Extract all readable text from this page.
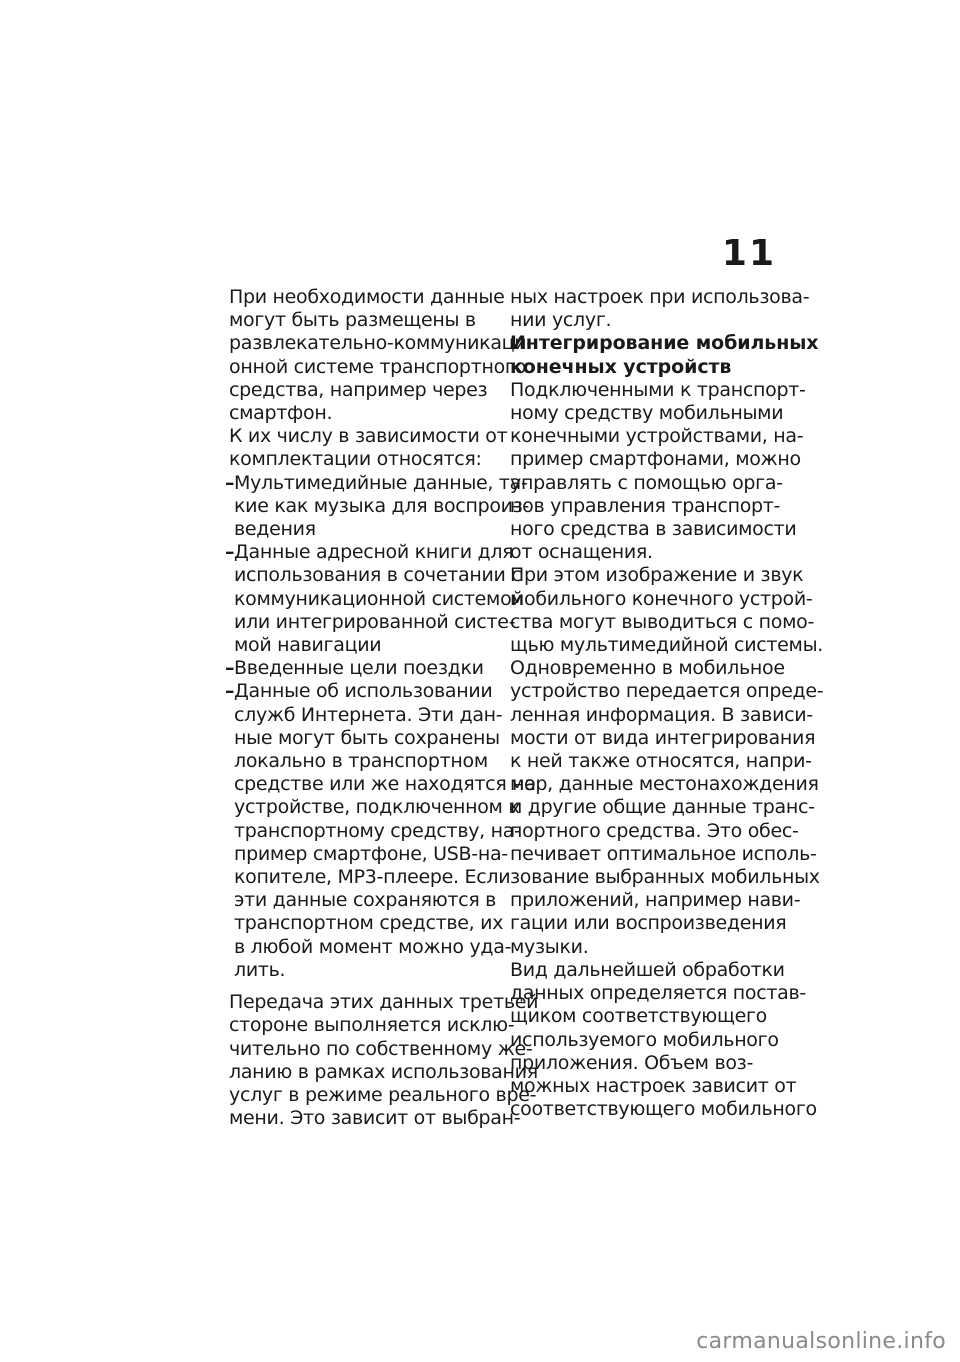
11
При необходимости данные
могут быть размещены в
развлекательно-коммуникаци-
онной системе транспортного
средства, например через
смартфон.
К их числу в зависимости от
комплектации относятся:
– Мультимедийные данные, та-
кие как музыка для воспроиз-
ведения
– Данные адресной книги для
использования в сочетании с
коммуникационной системой
или интегрированной систе-
мой навигации
– Введенные цели поездки
– Данные об использовании
служб Интернета. Эти дан-
ные могут быть сохранены
локально в транспортном
средстве или же находятся на
устройстве, подключенном к
транспортному средству, на-
пример смартфоне, USB-на-
копителе, MP3-плеере. Если
эти данные сохраняются в
транспортном средстве, их
в любой момент можно уда-
лить.
Передача этих данных третьей
стороне выполняется исклю-
чительно по собственному же-
ланию в рамках использования
услуг в режиме реального вре-
мени. Это зависит от выбран-
ных настроек при использова-
нии услуг.
Интегрирование мобильных
конечных устройств
Подключенными к транспорт-
ному средству мобильными
конечными устройствами, на-
пример смартфонами, можно
управлять с помощью орга-
нов управления транспорт-
ного средства в зависимости
от оснащения.
При этом изображение и звук
мобильного конечного устрой-
ства могут выводиться с помо-
щью мультимедийной системы.
Одновременно в мобильное
устройство передается опреде-
ленная информация. В зависи-
мости от вида интегрирования
к ней также относятся, напри-
мер, данные местонахождения
и другие общие данные транс-
портного средства. Это обес-
печивает оптимальное исполь-
зование выбранных мобильных
приложений, например нави-
гации или воспроизведения
музыки.
Вид дальнейшей обработки
данных определяется постав-
щиком соответствующего
используемого мобильного
приложения. Объем воз-
можных настроек зависит от
соответствующего мобильного
carmanualsonline.info
